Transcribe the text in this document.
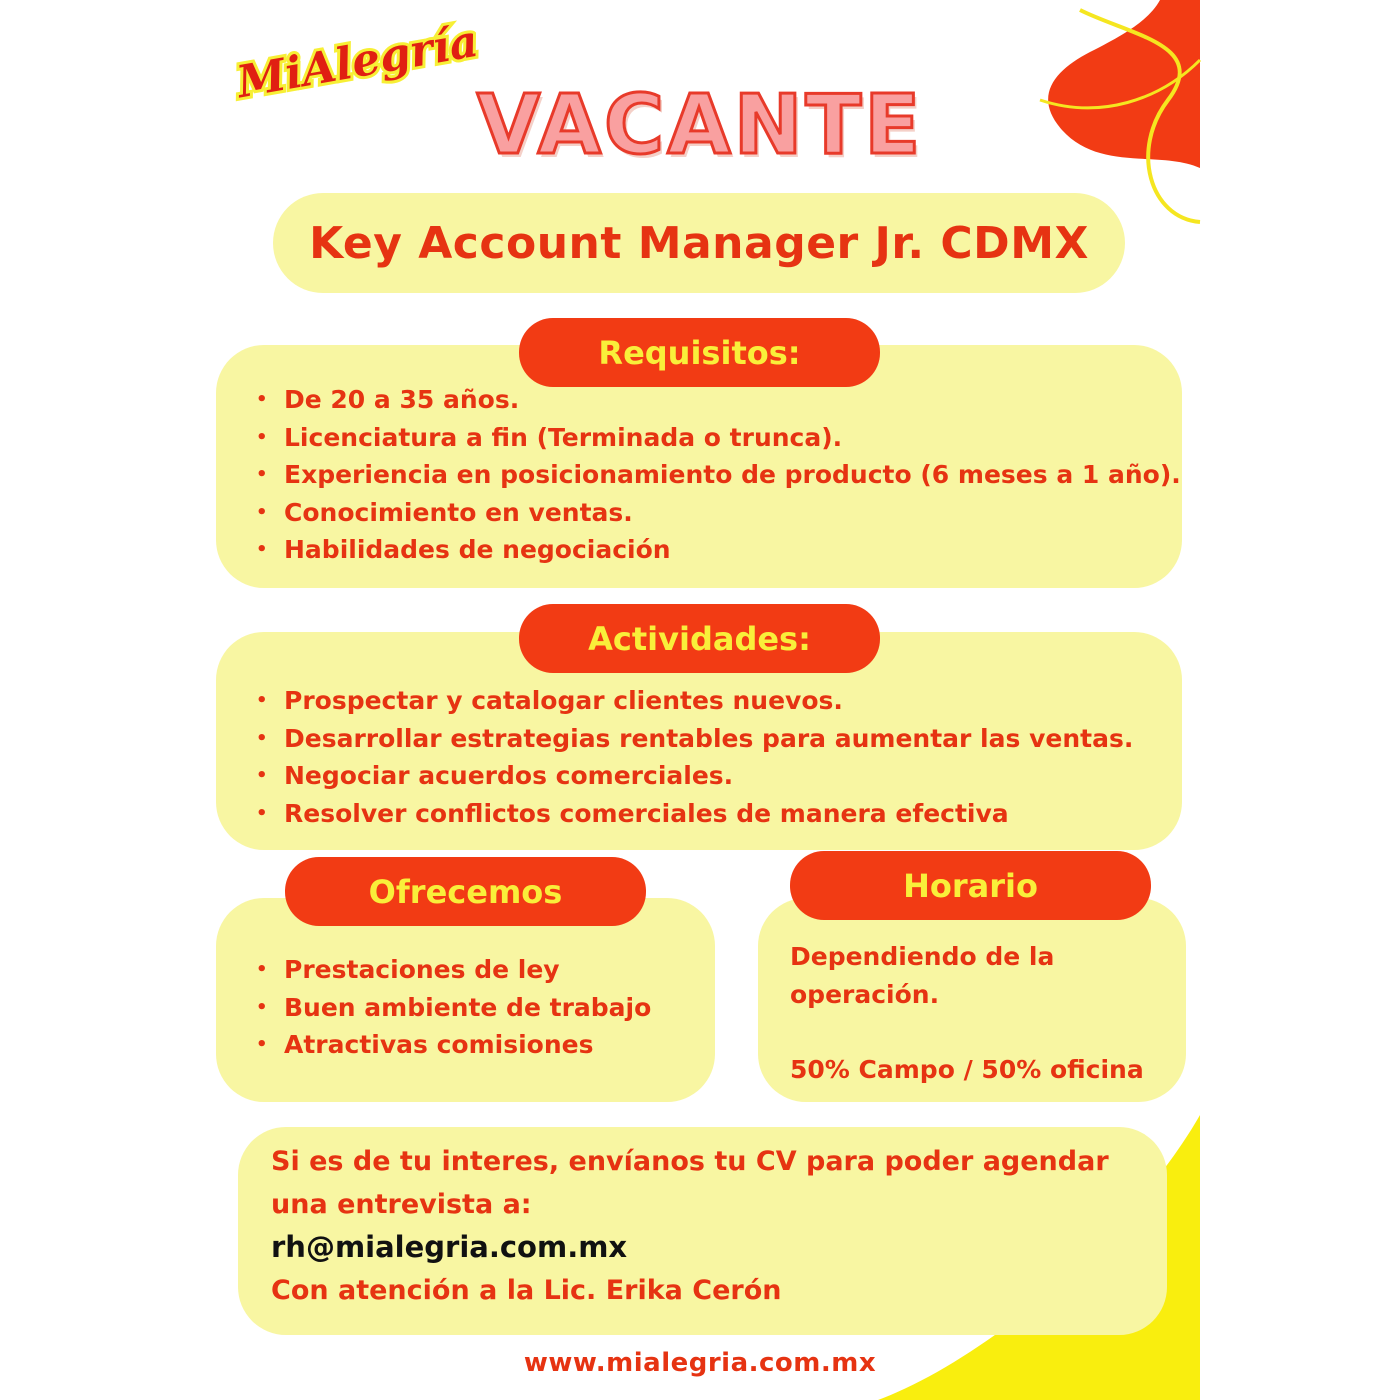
MiAlegría
VACANTE
Key Account Manager Jr. CDMX
Requisitos:
• De 20 a 35 años.
• Licenciatura a fin (Terminada o trunca).
• Experiencia en posicionamiento de producto (6 meses a 1 año).
• Conocimiento en ventas.
• Habilidades de negociación
Actividades:
• Prospectar y catalogar clientes nuevos.
• Desarrollar estrategias rentables para aumentar las ventas.
• Negociar acuerdos comerciales.
• Resolver conflictos comerciales de manera efectiva
Ofrecemos
• Prestaciones de ley
• Buen ambiente de trabajo
• Atractivas comisiones
Horario
Dependiendo de la
operación.
50% Campo / 50% oficina
Si es de tu interes, envíanos tu CV para poder agendar una entrevista a:
rh@mialegria.com.mx
Con atención a la Lic. Erika Cerón
www.mialegria.com.mx
